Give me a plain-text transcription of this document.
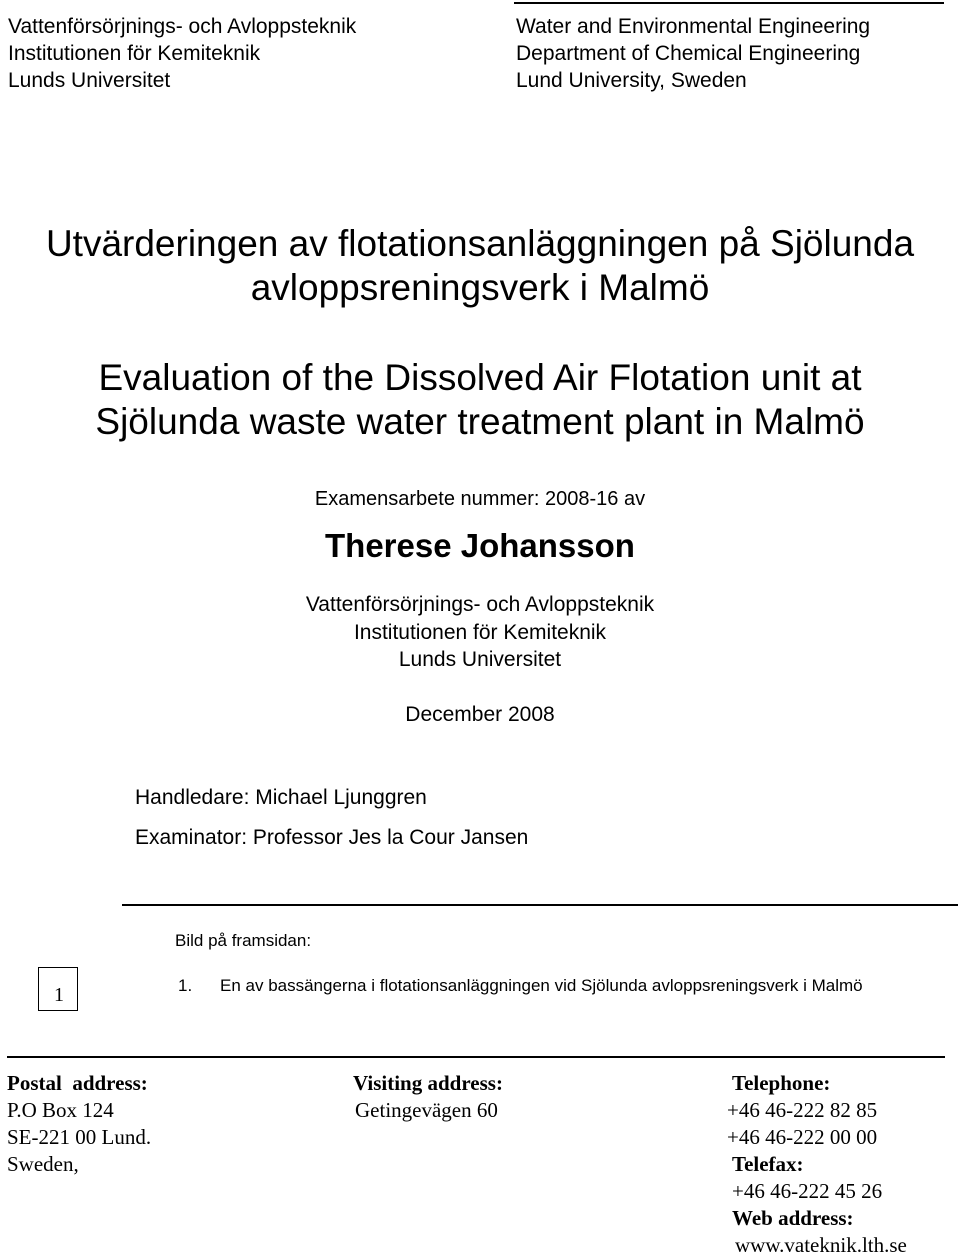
Vattenförsörjnings- och Avloppsteknik
Institutionen för Kemiteknik
Lunds Universitet
Water and Environmental Engineering
Department of Chemical Engineering
Lund University, Sweden
Utvärderingen av flotationsanläggningen på Sjölunda
avloppsreningsverk i Malmö
Evaluation of the Dissolved Air Flotation unit at
Sjölunda waste water treatment plant in Malmö
Examensarbete nummer: 2008-16 av
Therese Johansson
Vattenförsörjnings- och Avloppsteknik
Institutionen för Kemiteknik
Lunds Universitet
December 2008
Handledare: Michael Ljunggren
Examinator: Professor Jes la Cour Jansen
Bild på framsidan:
1	1. En av bassängerna i flotationsanläggningen vid Sjölunda avloppsreningsverk i Malmö
Postal  address:
P.O Box 124
SE-221 00 Lund.
Sweden,
Visiting address:
Getingevägen 60
Telephone:
+46 46-222 82 85
+46 46-222 00 00
Telefax:
+46 46-222 45 26
Web address:
www.vateknik.lth.se
